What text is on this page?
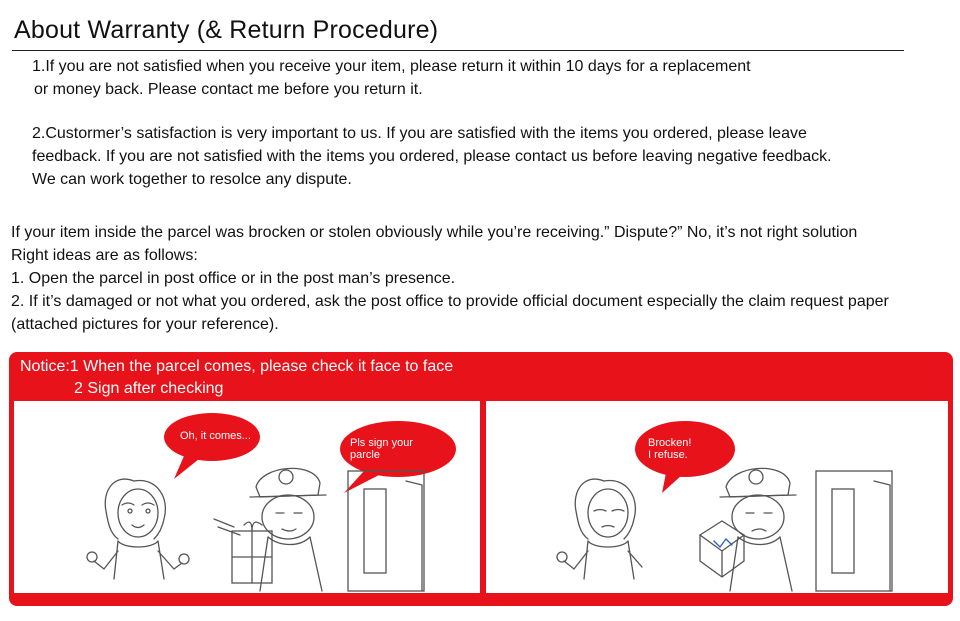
About Warranty (& Return Procedure)
1.If you are not satisfied when you receive your item, please return it within 10 days for a replacement
or money back. Please contact me before you return it.
2.Custormer’s satisfaction is very important to us. If you are satisfied with the items you ordered, please leave
feedback. If you are not satisfied with the items you ordered, please contact us before leaving negative feedback.
We can work together to resolce any dispute.
If your item inside the parcel was brocken or stolen obviously while you’re receiving.” Dispute?” No, it’s not right solution
Right ideas are as follows:
1. Open the parcel in post office or in the post man’s presence.
2. If it’s damaged or not what you ordered, ask the post office to provide official document especially the claim request paper
(attached pictures for your reference).
Notice:1 When the parcel comes, please check it face to face
2 Sign after checking
Oh, it comes...
Pls sign your
parcle
Brocken!
I refuse.
